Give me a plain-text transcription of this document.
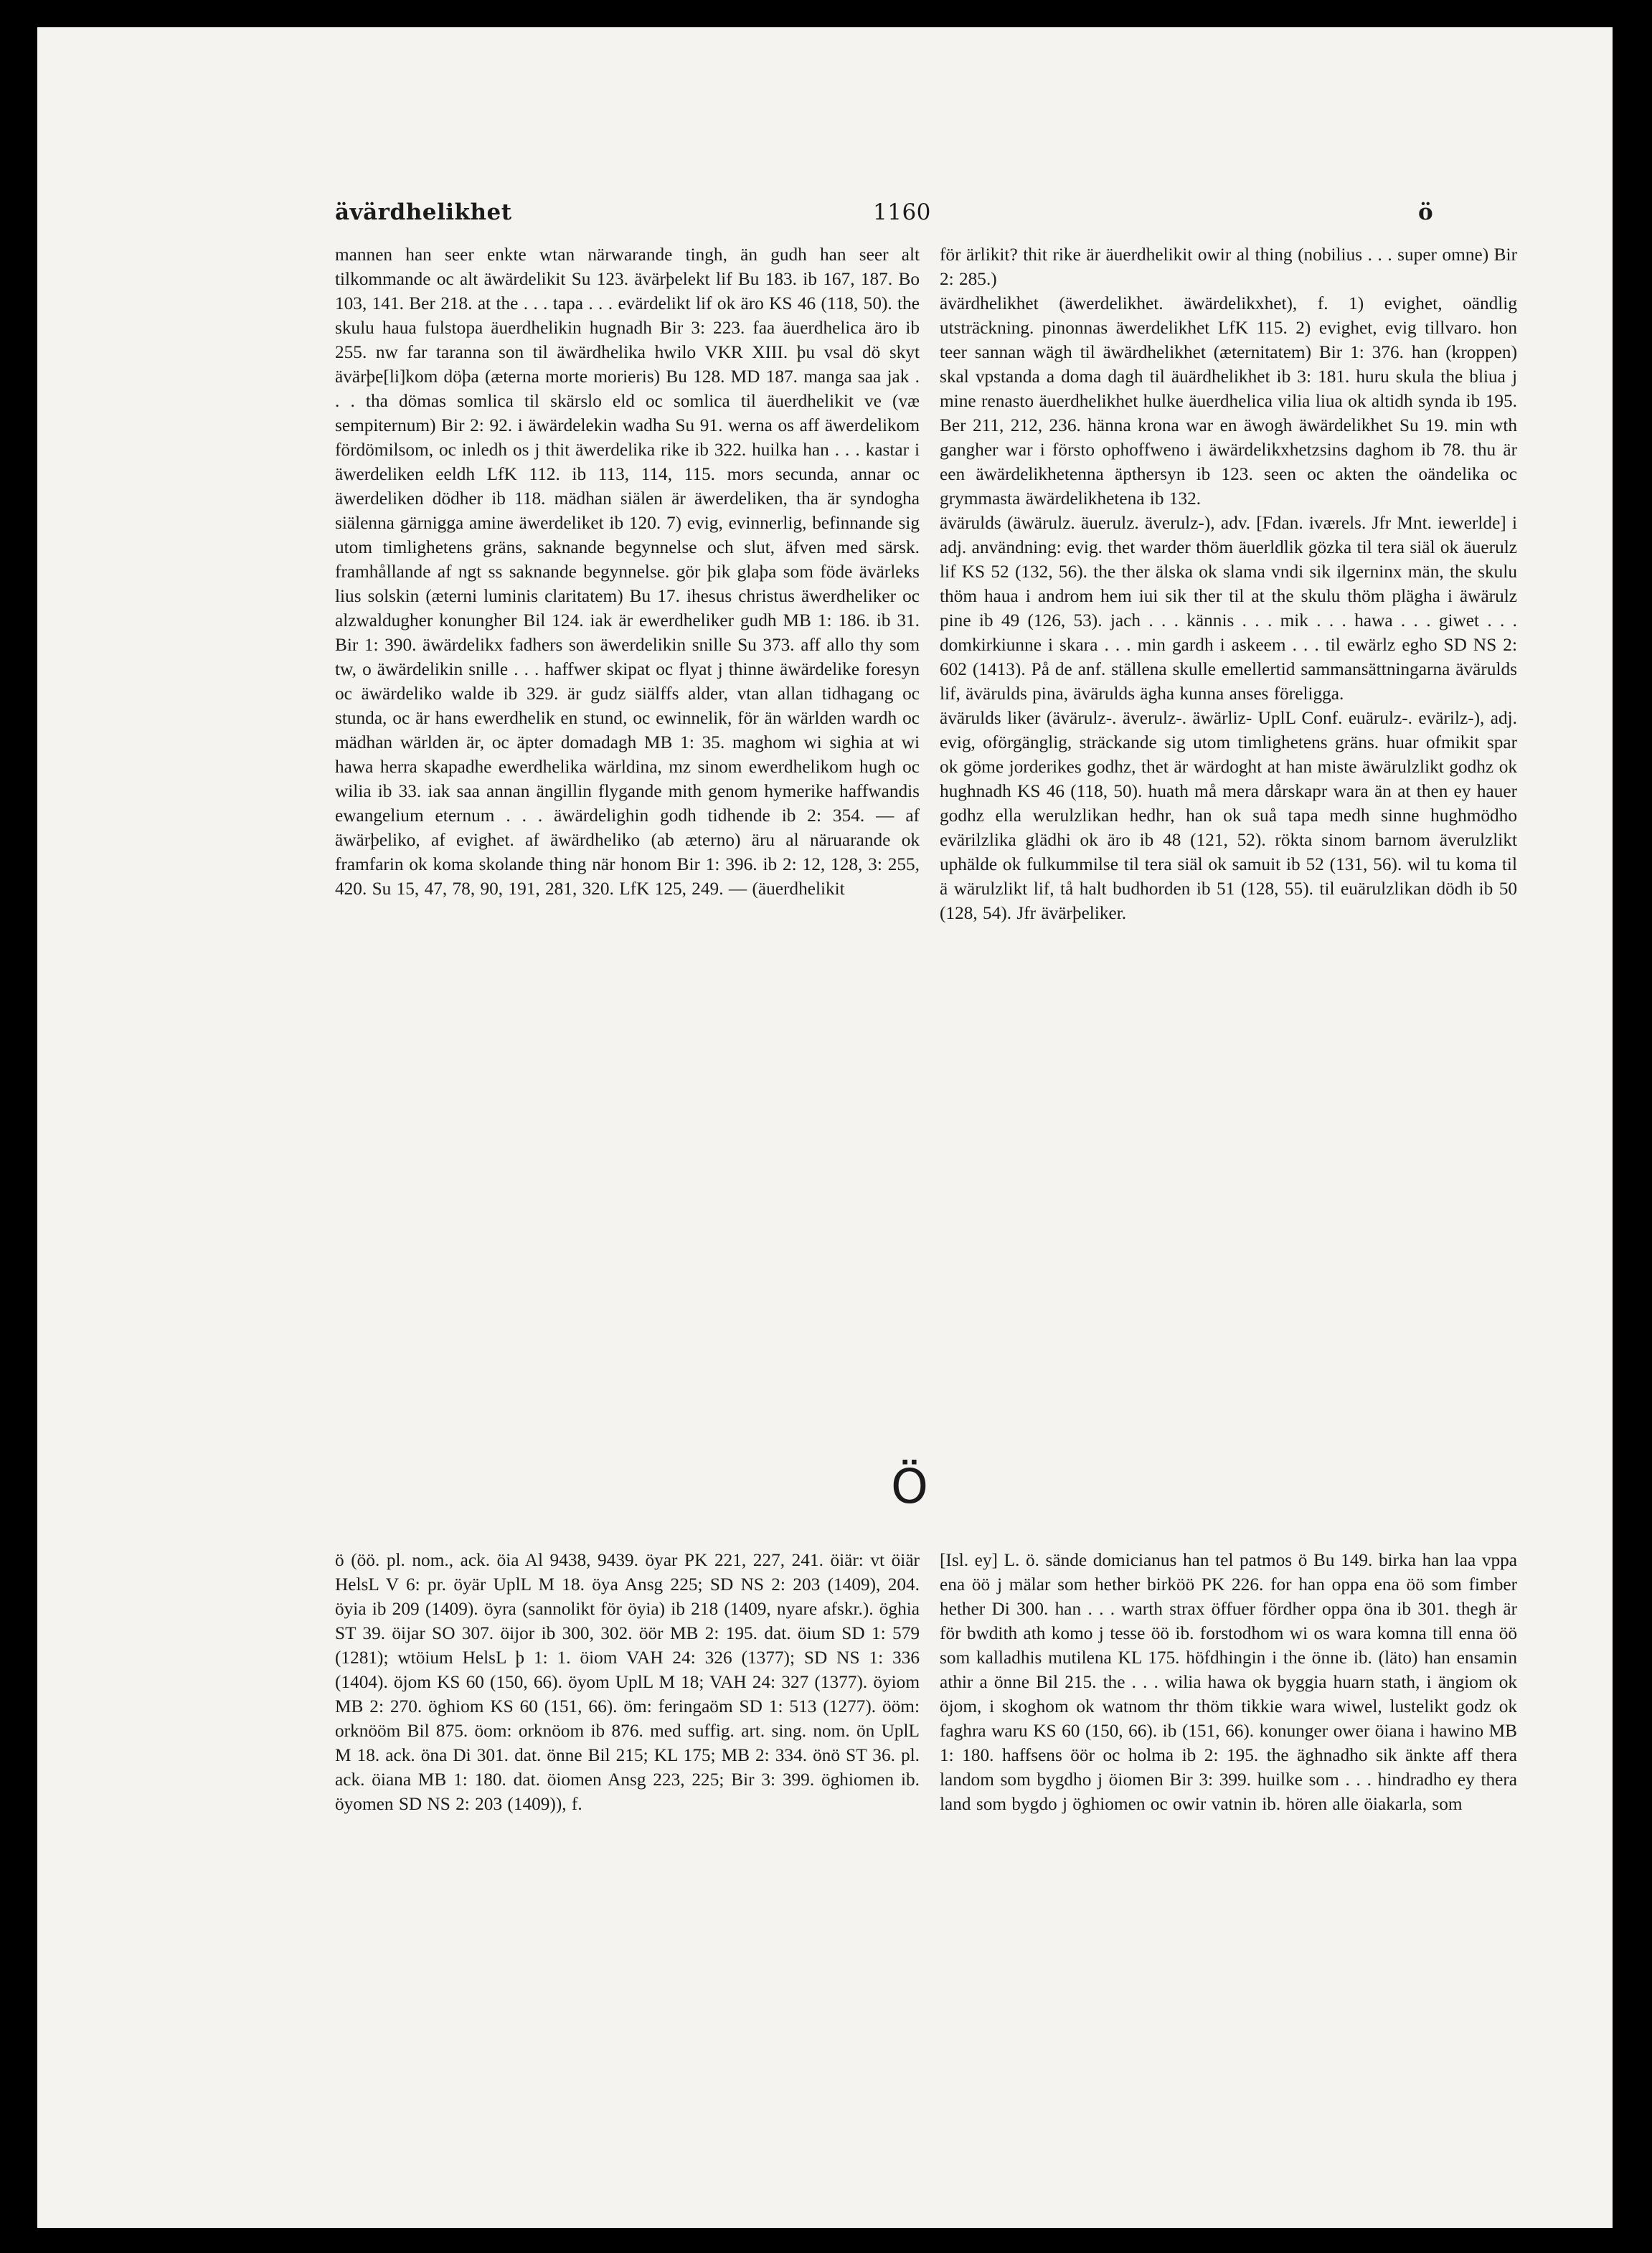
ävärdhelikhet	1160	ö

mannen han seer enkte wtan närwarande tingh, än gudh han seer alt tilkommande oc alt äwärdelikit Su 123. ävärþelekt lif Bu 183. ib 167, 187. Bo 103, 141. Ber 218. at the . . . tapa . . . evärdelikt lif ok äro KS 46 (118, 50). the skulu haua fulstopa äuerdhelikin hugnadh Bir 3: 223. faa äuerdhelica äro ib 255. nw far taranna son til äwärdhelika hwilo VKR XIII. þu vsal dö skyt ävärþe[li]kom döþa (æterna morte morieris) Bu 128. MD 187. manga saa jak . . . tha dömas somlica til skärslo eld oc somlica til äuerdhelikit ve (væ sempiternum) Bir 2: 92. i äwärdelekin wadha Su 91. werna os aff äwerdelikom fördömilsom, oc inledh os j thit äwerdelika rike ib 322. huilka han . . . kastar i äwerdeliken eeldh LfK 112. ib 113, 114, 115. mors secunda, annar oc äwerdeliken dödher ib 118. mädhan siälen är äwerdeliken, tha är syndogha siälenna gärnigga amine äwerdeliket ib 120. 7) evig, evinnerlig, befinnande sig utom timlighetens gräns, saknande begynnelse och slut, äfven med särsk. framhållande af ngt ss saknande begynnelse. gör þik glaþa som föde ävärleks lius solskin (æterni luminis claritatem) Bu 17. ihesus christus äwerdheliker oc alzwaldugher konungher Bil 124. iak är ewerdheliker gudh MB 1: 186. ib 31. Bir 1: 390. äwärdelikx fadhers son äwerdelikin snille Su 373. aff allo thy som tw, o äwärdelikin snille . . . haffwer skipat oc flyat j thinne äwärdelike foresyn oc äwärdeliko walde ib 329. är gudz siälffs alder, vtan allan tidhagang oc stunda, oc är hans ewerdhelik en stund, oc ewinnelik, för än wärlden wardh oc mädhan wärlden är, oc äpter domadagh MB 1: 35. maghom wi sighia at wi hawa herra skapadhe ewerdhelika wärldina, mz sinom ewerdhelikom hugh oc wilia ib 33. iak saa annan ängillin flygande mith genom hymerike haffwandis ewangelium eternum . . . äwärdelighin godh tidhende ib 2: 354. — af äwärþeliko, af evighet. af äwärdheliko (ab æterno) äru al näruarande ok framfarin ok koma skolande thing när honom Bir 1: 396. ib 2: 12, 128, 3: 255, 420. Su 15, 47, 78, 90, 191, 281, 320. LfK 125, 249. — (äuerdhelikit

för ärlikit? thit rike är äuerdhelikit owir al thing (nobilius . . . super omne) Bir 2: 285.)

ävärdhelikhet (äwerdelikhet. äwärdelikxhet), f. 1) evighet, oändlig utsträckning. pinonnas äwerdelikhet LfK 115. 2) evighet, evig tillvaro. hon teer sannan wägh til äwärdhelikhet (æternitatem) Bir 1: 376. han (kroppen) skal vpstanda a doma dagh til äuärdhelikhet ib 3: 181. huru skula the bliua j mine renasto äuerdhelikhet hulke äuerdhelica vilia liua ok altidh synda ib 195. Ber 211, 212, 236. hänna krona war en äwogh äwärdelikhet Su 19. min wth gangher war i försto ophoffweno i äwärdelikxhetzsins daghom ib 78. thu är een äwärdelikhetenna äpthersyn ib 123. seen oc akten the oändelika oc grymmasta äwärdelikhetena ib 132.

ävärulds (äwärulz. äuerulz. äverulz-), adv. [Fdan. iværels. Jfr Mnt. iewerlde] i adj. användning: evig. thet warder thöm äuerldlik gözka til tera siäl ok äuerulz lif KS 52 (132, 56). the ther älska ok slama vndi sik ilgerninx män, the skulu thöm haua i androm hem iui sik ther til at the skulu thöm plägha i äwärulz pine ib 49 (126, 53). jach . . . kännis . . . mik . . . hawa . . . giwet . . . domkirkiunne i skara . . . min gardh i askeem . . . til ewärlz egho SD NS 2: 602 (1413). På de anf. ställena skulle emellertid sammansättningarna ävärulds lif, ävärulds pina, ävärulds ägha kunna anses föreligga.

ävärulds liker (ävärulz-. äverulz-. äwärliz- UplL Conf. euärulz-. evärilz-), adj. evig, oförgänglig, sträckande sig utom timlighetens gräns. huar ofmikit spar ok göme jorderikes godhz, thet är wärdoght at han miste äwärulzlikt godhz ok hughnadh KS 46 (118, 50). huath må mera dårskapr wara än at then ey hauer godhz ella werulzlikan hedhr, han ok suå tapa medh sinne hughmödho evärilzlika glädhi ok äro ib 48 (121, 52). rökta sinom barnom äverulzlikt uphälde ok fulkummilse til tera siäl ok samuit ib 52 (131, 56). wil tu koma til ä wärulzlikt lif, tå halt budhorden ib 51 (128, 55). til euärulzlikan dödh ib 50 (128, 54). Jfr ävärþeliker.

Ö

ö (öö. pl. nom., ack. öia Al 9438, 9439. öyar PK 221, 227, 241. öiär: vt öiär HelsL V 6: pr. öyär UplL M 18. öya Ansg 225; SD NS 2: 203 (1409), 204. öyia ib 209 (1409). öyra (sannolikt för öyia) ib 218 (1409, nyare afskr.). öghia ST 39. öijar SO 307. öijor ib 300, 302. öör MB 2: 195. dat. öium SD 1: 579 (1281); wtöium HelsL þ 1: 1. öiom VAH 24: 326 (1377); SD NS 1: 336 (1404). öjom KS 60 (150, 66). öyom UplL M 18; VAH 24: 327 (1377). öyiom MB 2: 270. öghiom KS 60 (151, 66). öm: feringaöm SD 1: 513 (1277). ööm: orknööm Bil 875. öom: orknöom ib 876. med suffig. art. sing. nom. ön UplL M 18. ack. öna Di 301. dat. önne Bil 215; KL 175; MB 2: 334. önö ST 36. pl. ack. öiana MB 1: 180. dat. öiomen Ansg 223, 225; Bir 3: 399. öghiomen ib. öyomen SD NS 2: 203 (1409)), f.

[Isl. ey] L. ö. sände domicianus han tel patmos ö Bu 149. birka han laa vppa ena öö j mälar som hether birköö PK 226. for han oppa ena öö som fimber hether Di 300. han . . . warth strax öffuer fördher oppa öna ib 301. thegh är för bwdith ath komo j tesse öö ib. forstodhom wi os wara komna till enna öö som kalladhis mutilena KL 175. höfdhingin i the önne ib. (läto) han ensamin athir a önne Bil 215. the . . . wilia hawa ok byggia huarn stath, i ängiom ok öjom, i skoghom ok watnom thr thöm tikkie wara wiwel, lustelikt godz ok faghra waru KS 60 (150, 66). ib (151, 66). konunger ower öiana i hawino MB 1: 180. haffsens öör oc holma ib 2: 195. the äghnadho sik änkte aff thera landom som bygdho j öiomen Bir 3: 399. huilke som . . . hindradho ey thera land som bygdo j öghiomen oc owir vatnin ib. hören alle öiakarla, som
